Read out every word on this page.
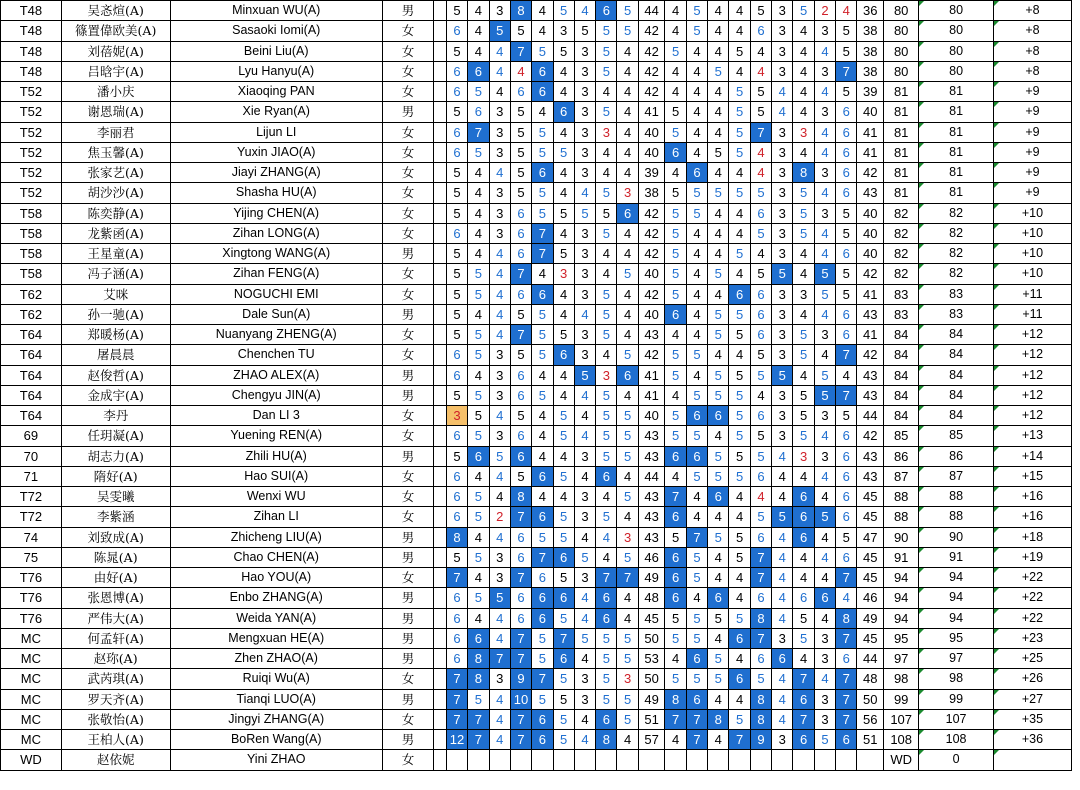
T48	吴忞煊(A)	Minxuan WU(A)	男		5	4	3	8	4	5	4	6	5	44	4	5	4	4	5	3	5	2	4	36	80	80	+8
T48	篠置偉欧美(A)	Sasaoki Iomi(A)	女		6	4	5	5	4	3	5	5	5	42	4	5	4	4	6	3	4	3	5	38	80	80	+8
T48	刘蓓妮(A)	Beini Liu(A)	女		5	4	4	7	5	5	3	5	4	42	5	4	4	5	4	3	4	4	5	38	80	80	+8
T48	吕晗宇(A)	Lyu Hanyu(A)	女		6	6	4	4	6	4	3	5	4	42	4	4	5	4	4	3	4	3	7	38	80	80	+8
T52	潘小庆	Xiaoqing PAN	女		6	5	4	6	6	4	3	4	4	42	4	4	4	5	5	4	4	4	5	39	81	81	+9
T52	谢恩瑞(A)	Xie Ryan(A)	男		5	6	3	5	4	6	3	5	4	41	5	4	4	5	5	4	4	3	6	40	81	81	+9
T52	李丽君	Lijun LI	女		6	7	3	5	5	4	3	3	4	40	5	4	4	5	7	3	3	4	6	41	81	81	+9
T52	焦玉馨(A)	Yuxin JIAO(A)	女		6	5	3	5	5	5	3	4	4	40	6	4	5	5	4	3	4	4	6	41	81	81	+9
T52	张家艺(A)	Jiayi ZHANG(A)	女		5	4	4	5	6	4	3	4	4	39	4	6	4	4	4	3	8	3	6	42	81	81	+9
T52	胡沙沙(A)	Shasha HU(A)	女		5	4	3	5	5	4	4	5	3	38	5	5	5	5	5	3	5	4	6	43	81	81	+9
T58	陈奕静(A)	Yijing CHEN(A)	女		5	4	3	6	5	5	5	5	6	42	5	5	4	4	6	3	5	3	5	40	82	82	+10
T58	龙紫函(A)	Zihan LONG(A)	女		6	4	3	6	7	4	3	5	4	42	5	4	4	4	5	3	5	4	5	40	82	82	+10
T58	王星童(A)	Xingtong WANG(A)	男		5	4	4	6	7	5	3	4	4	42	5	4	4	5	4	3	4	4	6	40	82	82	+10
T58	冯子涵(A)	Zihan FENG(A)	女		5	5	4	7	4	3	3	4	5	40	5	4	5	4	5	5	4	5	5	42	82	82	+10
T62	艾咪	NOGUCHI EMI	女		5	5	4	6	6	4	3	5	4	42	5	4	4	6	6	3	3	5	5	41	83	83	+11
T62	孙一驰(A)	Dale Sun(A)	男		5	4	4	5	5	4	4	5	4	40	6	4	5	5	6	3	4	4	6	43	83	83	+11
T64	郑暖杨(A)	Nuanyang ZHENG(A)	女		5	5	4	7	5	5	3	5	4	43	4	4	5	5	6	3	5	3	6	41	84	84	+12
T64	屠晨晨	Chenchen TU	女		6	5	3	5	5	6	3	4	5	42	5	5	4	4	5	3	5	4	7	42	84	84	+12
T64	赵俊哲(A)	ZHAO ALEX(A)	男		6	4	3	6	4	4	5	3	6	41	5	4	5	5	5	5	4	5	4	43	84	84	+12
T64	金成宇(A)	Chengyu JIN(A)	男		5	5	3	6	5	4	4	5	4	41	4	5	5	5	4	3	5	5	7	43	84	84	+12
T64	李丹	Dan LI 3	女		3	5	4	5	4	5	4	5	5	40	5	6	6	5	6	3	5	3	5	44	84	84	+12
69	任玥凝(A)	Yuening REN(A)	女		6	5	3	6	4	5	4	5	5	43	5	5	4	5	5	3	5	4	6	42	85	85	+13
70	胡志力(A)	Zhili HU(A)	男		5	6	5	6	4	4	3	5	5	43	6	6	5	5	5	4	3	3	6	43	86	86	+14
71	隋好(A)	Hao SUI(A)	女		6	4	4	5	6	5	4	6	4	44	4	5	5	5	6	4	4	4	6	43	87	87	+15
T72	吴雯曦	Wenxi WU	女		6	5	4	8	4	4	3	4	5	43	7	4	6	4	4	4	6	4	6	45	88	88	+16
T72	李紫涵	Zihan LI	女		6	5	2	7	6	5	3	5	4	43	6	4	4	4	5	5	6	5	6	45	88	88	+16
74	刘致成(A)	Zhicheng LIU(A)	男		8	4	4	6	5	5	4	4	3	43	5	7	5	5	6	4	6	4	5	47	90	90	+18
75	陈晁(A)	Chao CHEN(A)	男		5	5	3	6	7	6	5	4	5	46	6	5	4	5	7	4	4	4	6	45	91	91	+19
T76	由好(A)	Hao YOU(A)	女		7	4	3	7	6	5	3	7	7	49	6	5	4	4	7	4	4	4	7	45	94	94	+22
T76	张恩博(A)	Enbo ZHANG(A)	男		6	5	5	6	6	6	4	6	4	48	6	4	6	4	6	4	6	6	4	46	94	94	+22
T76	严伟大(A)	Weida YAN(A)	男		6	4	4	6	6	5	4	6	4	45	5	5	5	5	8	4	5	4	8	49	94	94	+22
MC	何孟轩(A)	Mengxuan HE(A)	男		6	6	4	7	5	7	5	5	5	50	5	5	4	6	7	3	5	3	7	45	95	95	+23
MC	赵珎(A)	Zhen ZHAO(A)	男		6	8	7	7	5	6	4	5	5	53	4	6	5	4	6	6	4	3	6	44	97	97	+25
MC	武芮琪(A)	Ruiqi Wu(A)	女		7	8	3	9	7	5	3	5	3	50	5	5	5	6	5	4	7	4	7	48	98	98	+26
MC	罗天齐(A)	Tianqi LUO(A)	男		7	5	4	10	5	5	3	5	5	49	8	6	4	4	8	4	6	3	7	50	99	99	+27
MC	张敬怡(A)	Jingyi ZHANG(A)	女		7	7	4	7	6	5	4	6	5	51	7	7	8	5	8	4	7	3	7	56	107	107	+35
MC	王柏人(A)	BoRen Wang(A)	男		12	7	4	7	6	5	4	8	4	57	4	7	4	7	9	3	6	5	6	51	108	108	+36
WD	赵依妮	Yini ZHAO	女																						WD	0	
